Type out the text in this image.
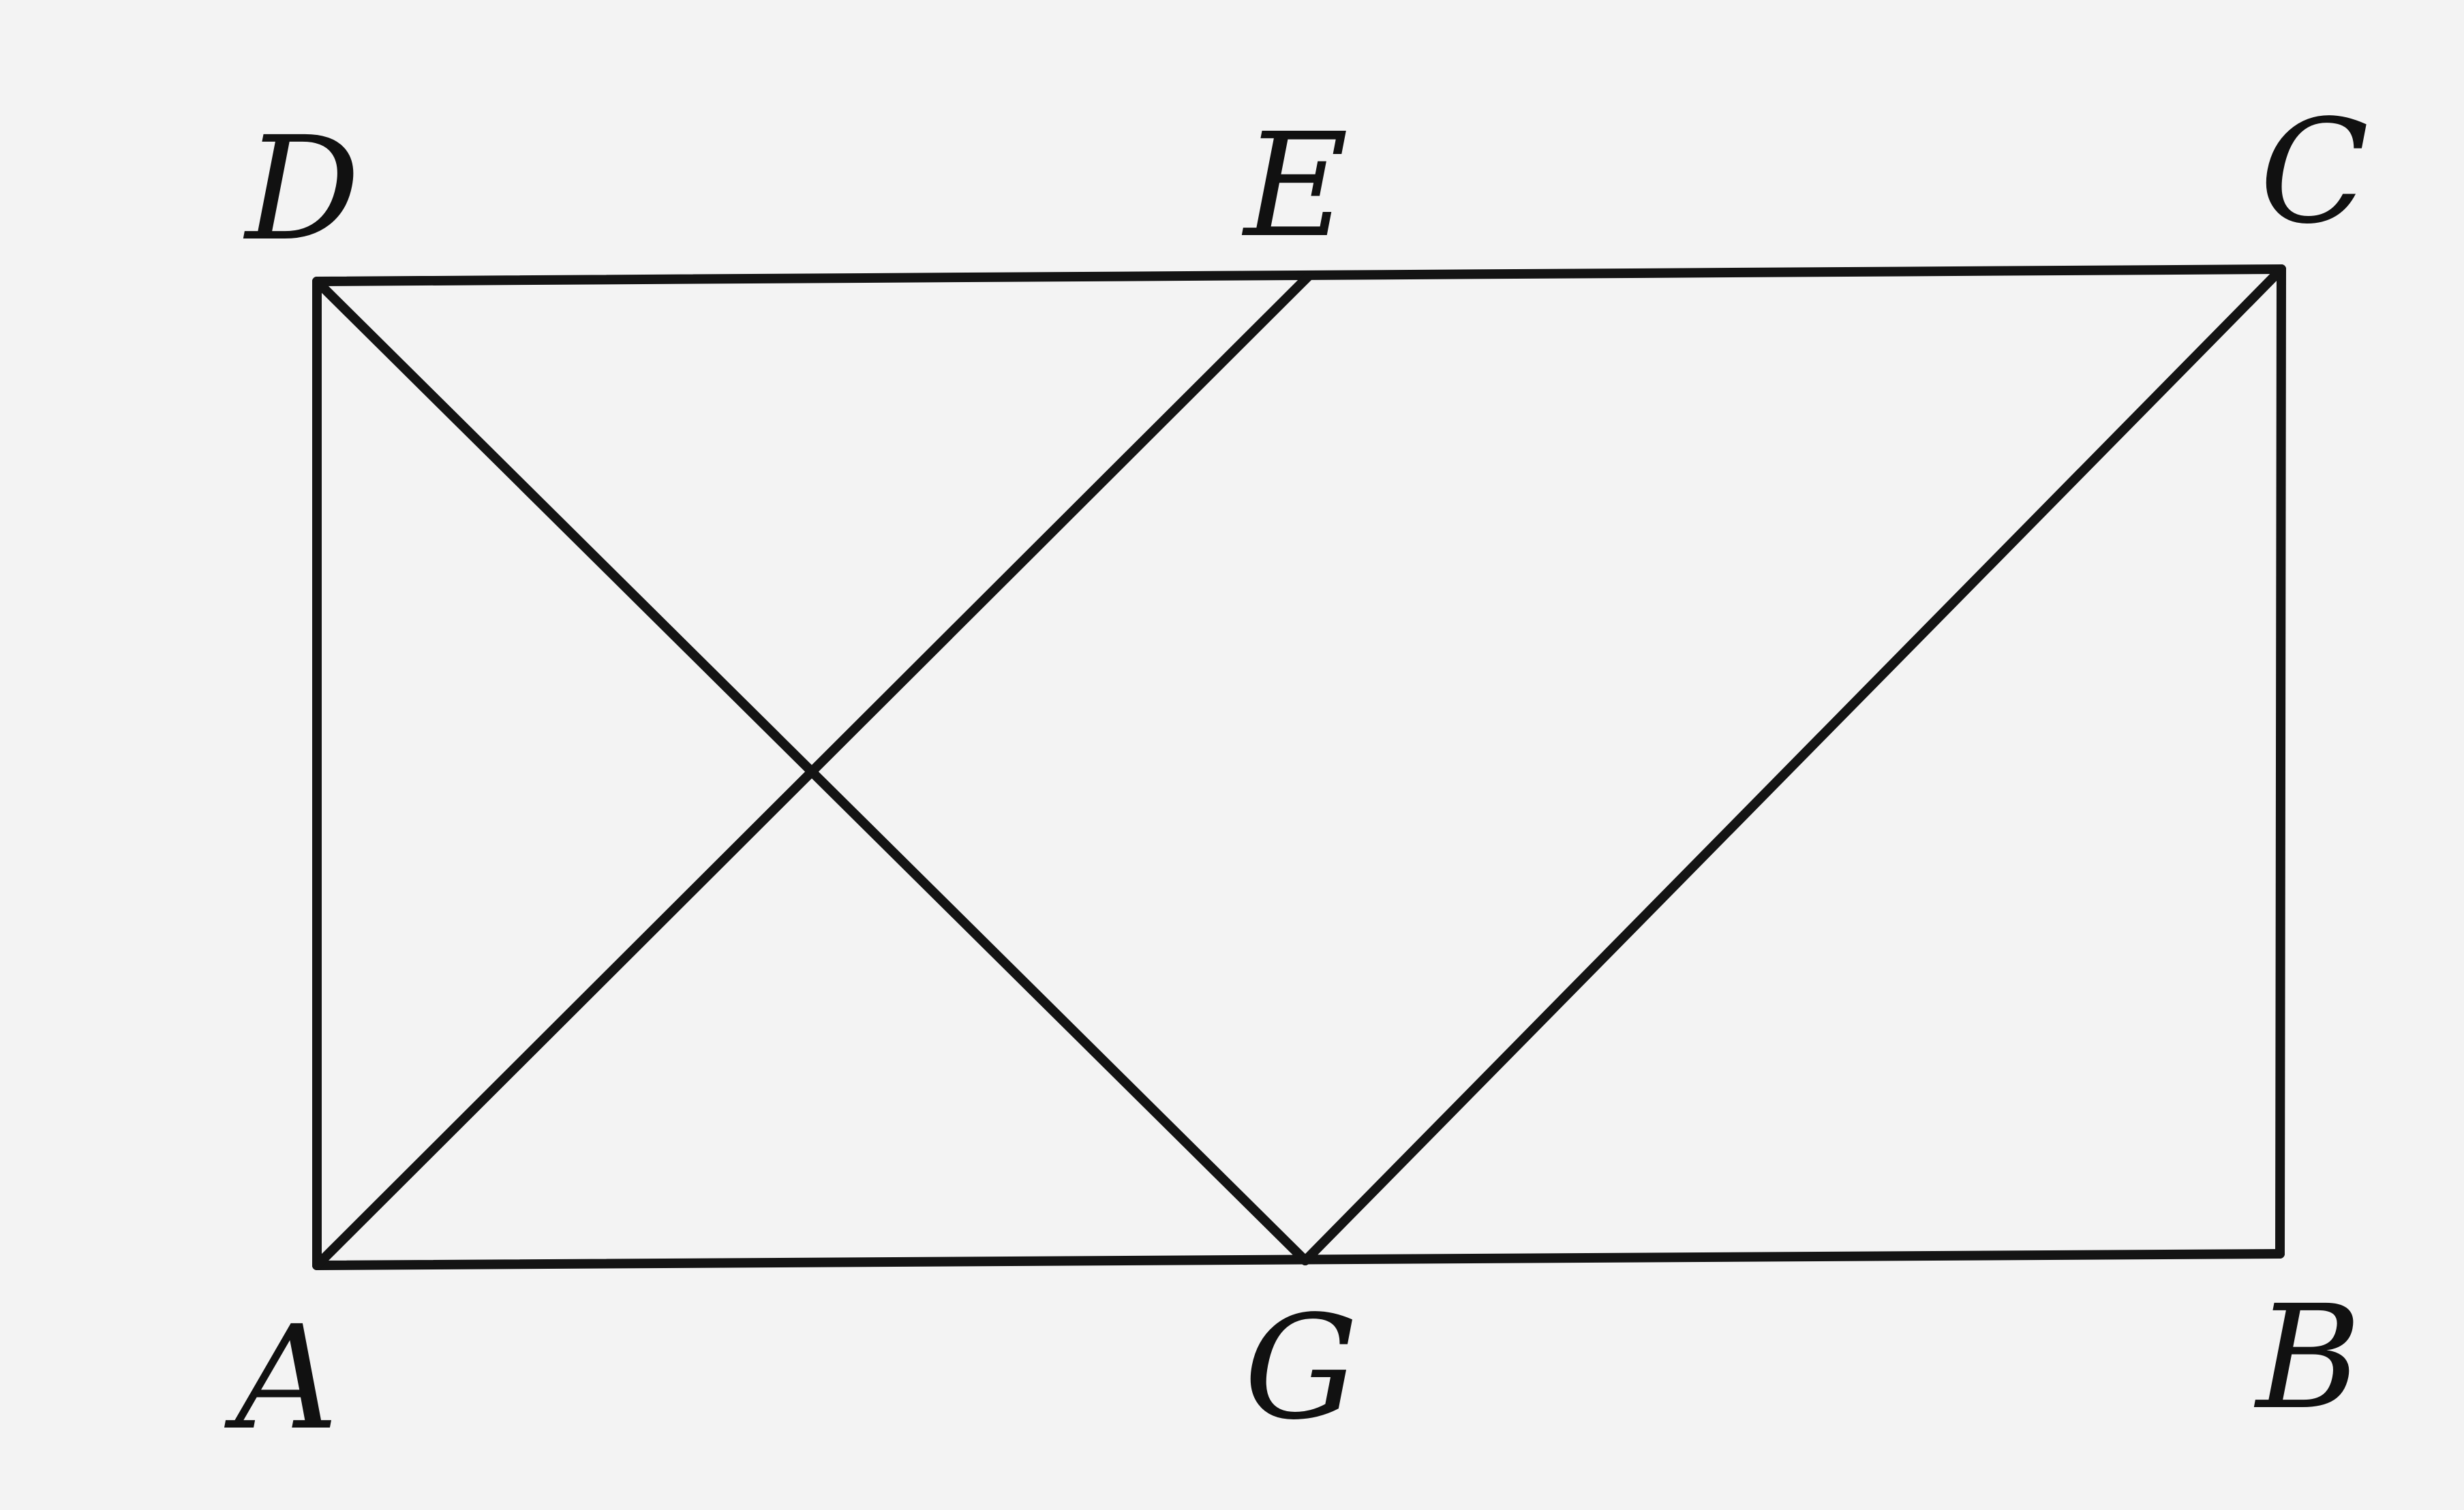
D	E	C
A	G	B
